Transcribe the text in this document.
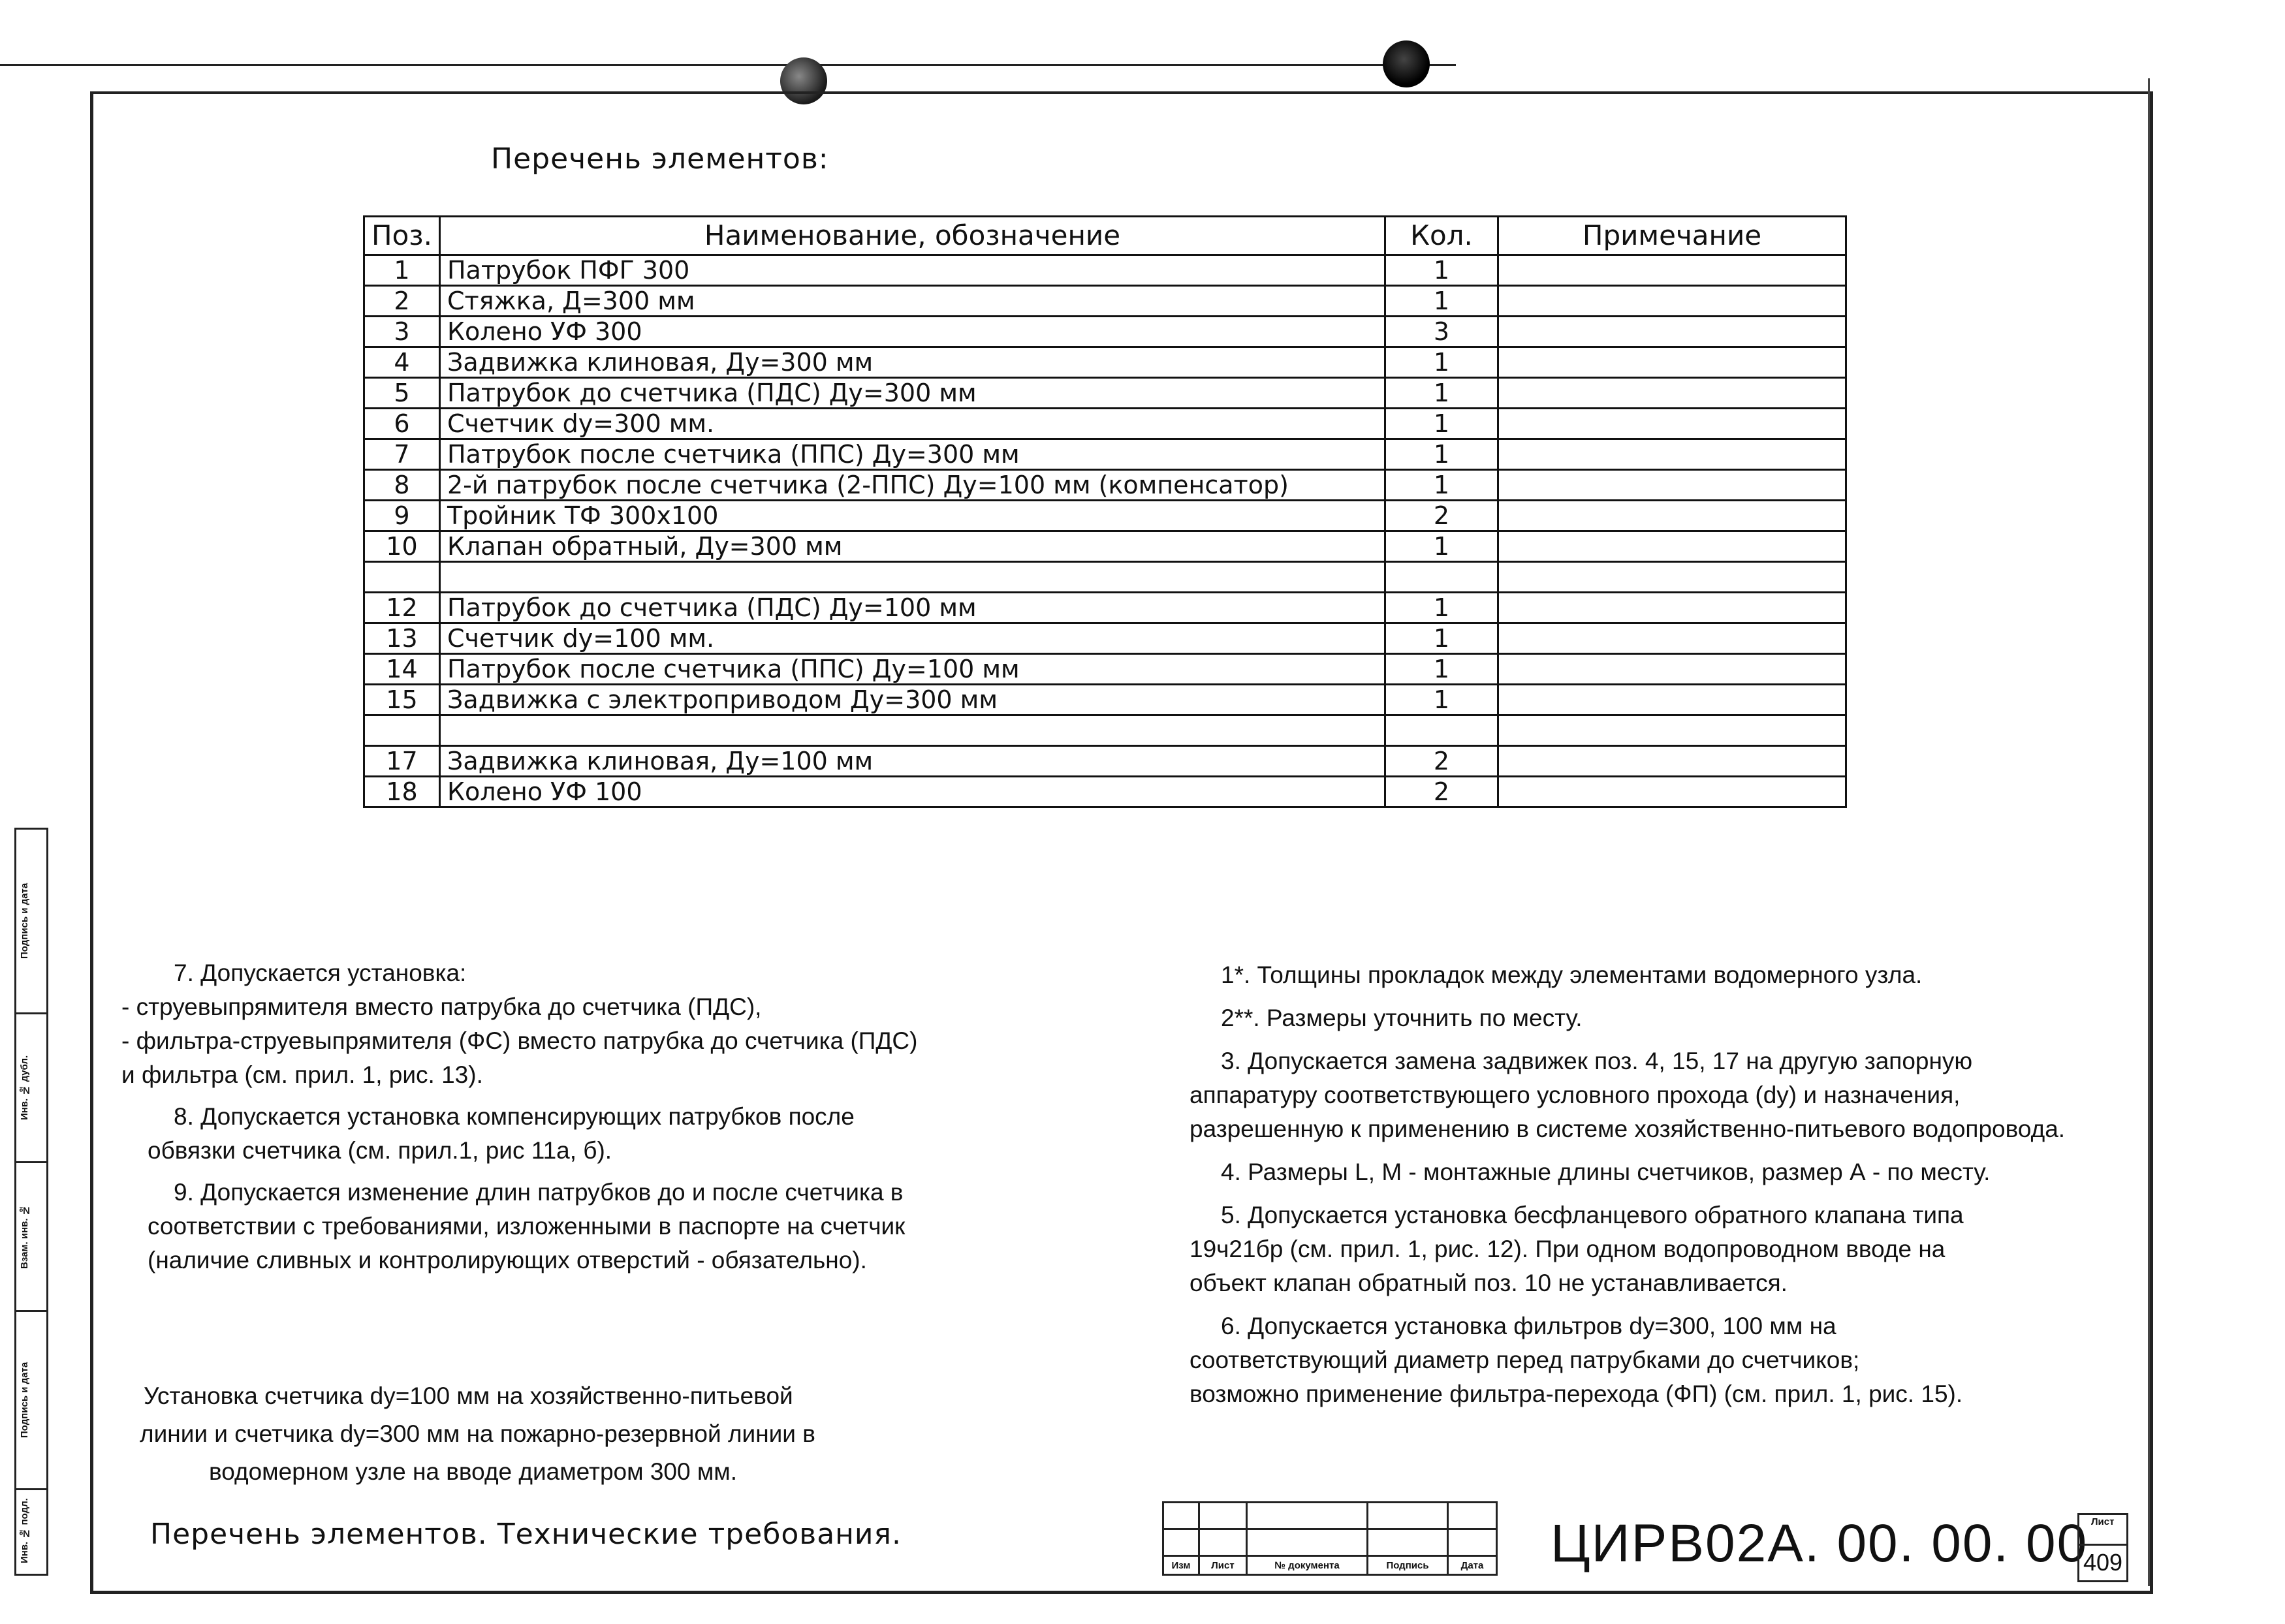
Перечень элементов:
Поз.	Наименование, обозначение	Кол.	Примечание
1	Патрубок ПФГ 300	1	
2	Стяжка, Д=300 мм	1	
3	Колено УФ 300	3	
4	Задвижка клиновая, Ду=300 мм	1	
5	Патрубок до счетчика (ПДС) Ду=300 мм	1	
6	Счетчик dy=300 мм.	1	
7	Патрубок после счетчика (ППС) Ду=300 мм	1	
8	2-й патрубок после счетчика (2-ППС) Ду=100 мм (компенсатор)	1	
9	Тройник ТФ 300х100	2	
10	Клапан обратный, Ду=300 мм	1	

12	Патрубок до счетчика (ПДС) Ду=100 мм	1	
13	Счетчик dy=100 мм.	1	
14	Патрубок после счетчика (ППС) Ду=100 мм	1	
15	Задвижка с электроприводом Ду=300 мм	1	

17	Задвижка клиновая, Ду=100 мм	2	
18	Колено УФ 100	2	

7. Допускается установка:

- струевыпрямителя вместо патрубка до счетчика (ПДС),

- фильтра-струевыпрямителя (ФС) вместо патрубка до счетчика (ПДС)

и фильтра (см. прил. 1, рис. 13).

8. Допускается установка компенсирующих патрубков после

обвязки счетчика (см. прил.1, рис 11а, б).

9. Допускается изменение длин патрубков до и после счетчика в

соответствии с требованиями, изложенными в паспорте на счетчик

(наличие сливных и контролирующих отверстий - обязательно).

1*. Толщины прокладок между элементами водомерного узла.

2**. Размеры уточнить по месту.

3. Допускается замена задвижек поз. 4, 15, 17 на другую запорную

аппаратуру соответствующего условного прохода (dy) и назначения,

разрешенную к применению в системе хозяйственно-питьевого водопровода.

4. Размеры L, М - монтажные длины счетчиков, размер А - по месту.

5. Допускается установка бесфланцевого обратного клапана типа

19ч21бр (см. прил. 1, рис. 12). При одном водопроводном вводе на

объект клапан обратный поз. 10 не устанавливается.

6. Допускается установка фильтров dy=300, 100 мм на

соответствующий диаметр перед патрубками до счетчиков;

возможно применение фильтра-перехода (ФП) (см. прил. 1, рис. 15).

Установка счетчика dy=100 мм на хозяйственно-питьевой

линии и счетчика dy=300 мм на пожарно-резервной линии в

водомерном узле на вводе диаметром 300 мм.

Перечень элементов. Технические требования.
Подпись и дата
Инв. № дубл.
Взам. инв. №
Подпись и дата
Инв. № подл.

Изм	Лист	№ документа	Подпись	Дата ЦИРВ02А. 00. 00. 00 Лист
409
